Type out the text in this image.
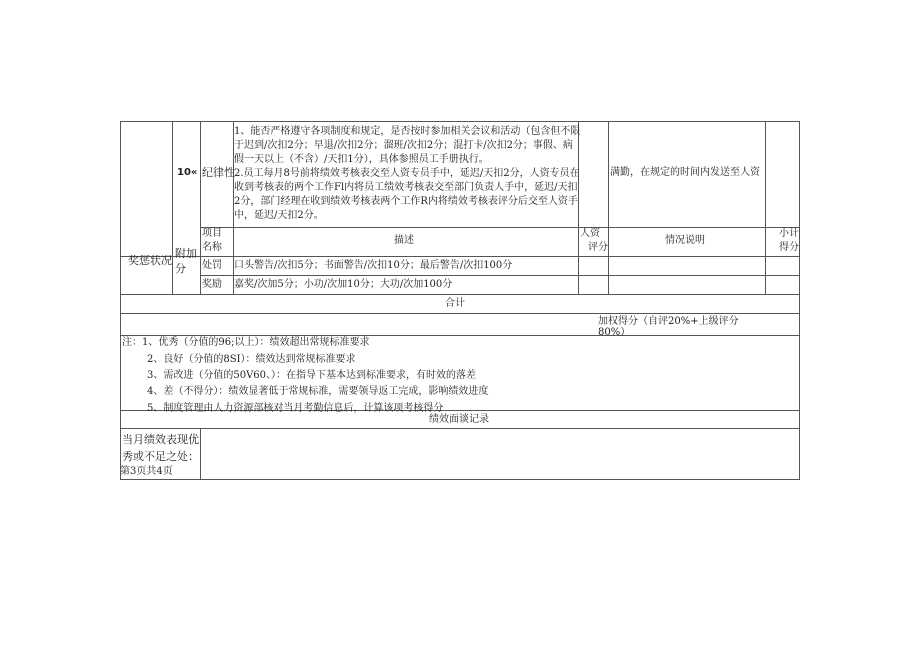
10« 纪律性
1、能否严格遵守各项制度和规定，是否按时参加相关会议和活动（包含但不限
于迟到/次扣2分；早退/次扣2分；溜班/次扣2分；混打卡/次扣2分；事假、病
假一天以上（不含）/天扣1分），具体参照员工手册执行。
2.员工每月8号前将绩效考核表交至人资专员手中，延迟/天扣2分，人资专员在
收到考核表的两个工作Fl内将员工绩效考核表交至部门负责人手中，延迟/天扣
2分，部门经理在收到绩效考核表两个工作R内将绩效考核表评分后交至人资手
中，延迟/天扣2分。
满勤，在规定的时间内发送至人资
奖惩状况
附加
分
项目
名称
描述
人资
评分
情况说明
小计
得分
处罚 口头警告/次扣5分；书面警告/次扣10分；最后警告/次扣100分
奖励 嘉奖/次加5分；小功/次加10分；大功/次加100分
合计
加权得分（自评20%+上级评分
80%）
注：1、优秀（分值的96;以上）：绩效超出常规标准要求
2、良好（分值的8SI）：绩效达到常规标准要求
3、需改进（分值的50V60、）：在指导下基本达到标准要求，有时效的落差
4、差（不得分）：绩效显著低于常规标准，需要领导返工完成，影响绩效进度
5、制度管理由人力资源部核对当月考勤信息后，计算该项考核得分
绩效面谈记录
当月绩效表现优
秀或不足之处：
第3页共4页
